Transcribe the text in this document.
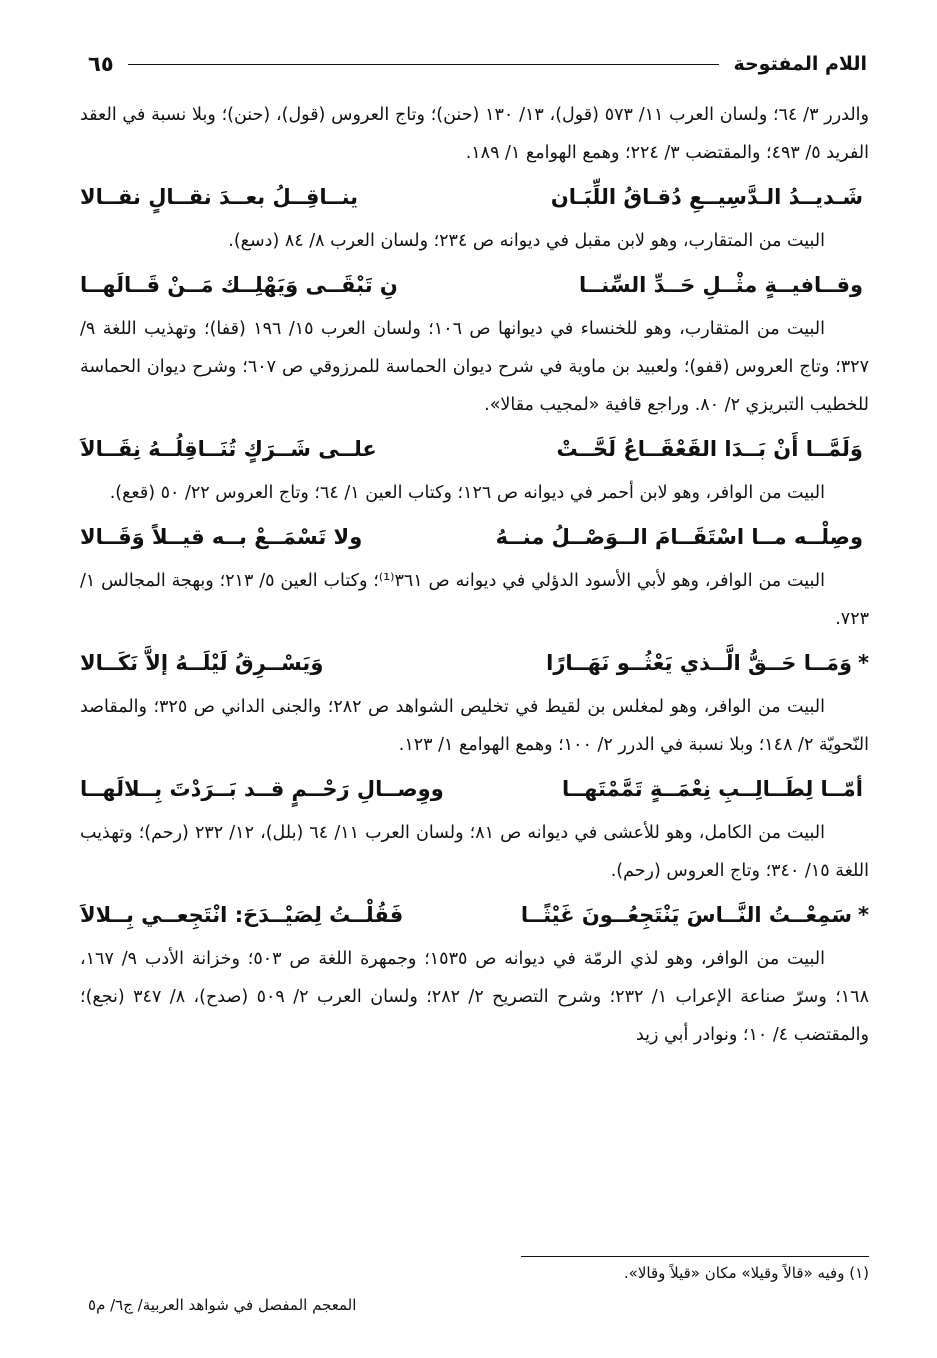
اللام المفتوحة
٦٥

والدرر ٣/ ٦٤؛ ولسان العرب ١١/ ٥٧٣ (قول)، ١٣/ ١٣٠ (حنن)؛ وتاج العروس (قول)، (حنن)؛ وبلا نسبة في العقد الفريد ٥/ ٤٩٣؛ والمقتضب ٣/ ٢٢٤؛ وهمع الهوامع ١/ ١٨٩.

شَـديــدُ الـدَّسِيــعِ دُقـاقُ اللِّبَـان
ينــاقِــلُ بعــدَ نقــالٍ نقــالا

البيت من المتقارب، وهو لابن مقبل في ديوانه ص ٢٣٤؛ ولسان العرب ٨/ ٨٤ (دسع).

وقــافيــةٍ مثْــلِ حَــدِّ السِّنــا
نِ تَبْقَــى وَيَهْلِــك مَــنْ قَــالَهــا

البيت من المتقارب، وهو للخنساء في ديوانها ص ١٠٦؛ ولسان العرب ١٥/ ١٩٦ (قفا)؛ وتهذيب اللغة ٩/ ٣٢٧؛ وتاج العروس (قفو)؛ ولعبيد بن ماوية في شرح ديوان الحماسة للمرزوقي ص ٦٠٧؛ وشرح ديوان الحماسة للخطيب التبريزي ٢/ ٨٠. وراجع قافية «لمجيب مقالا».

وَلَمَّــا أَنْ بَــدَا القَعْقَــاعُ لَحَّــتْ
علــى شَــرَكٍ تُنَــاقِلُــهُ نِقَــالاَ

البيت من الوافر، وهو لابن أحمر في ديوانه ص ١٢٦؛ وكتاب العين ١/ ٦٤؛ وتاج العروس ٢٢/ ٥٠ (قعع).

وصِلْــه مــا اسْتَقَــامَ الــوَصْــلُ منــهُ
ولا تَسْمَــعْ بــه قيــلاً وَقَــالا

البيت من الوافر، وهو لأبي الأسود الدؤلي في ديوانه ص ٣٦١⁽¹⁾؛ وكتاب العين ٥/ ٢١٣؛ وبهجة المجالس ١/ ٧٢٣.

*وَمَــا حَــقُّ الَّــذي يَعْثُــو نَهَــارًا
وَيَسْــرِقُ لَيْلَــهُ إلاَّ نَكَــالا

البيت من الوافر، وهو لمغلس بن لقيط في تخليص الشواهد ص ٢٨٢؛ والجنى الداني ص ٣٢٥؛ والمقاصد النّحويّة ٢/ ١٤٨؛ وبلا نسبة في الدرر ٢/ ١٠٠؛ وهمع الهوامع ١/ ١٢٣.

أمّــا لِطَــالِــبِ نِعْمَــةٍ تَمَّمْتَهــا
ووِصــالِ رَحْــمٍ قــد بَــرَدْتَ بِــلالَهــا

البيت من الكامل، وهو للأعشى في ديوانه ص ٨١؛ ولسان العرب ١١/ ٦٤ (بلل)، ١٢/ ٢٣٢ (رحم)؛ وتهذيب اللغة ١٥/ ٣٤٠؛ وتاج العروس (رحم).

*سَمِعْــتُ النَّــاسَ يَنْتَجِعُــونَ غَيْثًــا
فَقُلْــتُ لِصَيْــدَحَ: انْتَجِعــي بِــلالاَ

البيت من الوافر، وهو لذي الرمّة في ديوانه ص ١٥٣٥؛ وجمهرة اللغة ص ٥٠٣؛ وخزانة الأدب ٩/ ١٦٧، ١٦٨؛ وسرّ صناعة الإعراب ١/ ٢٣٢؛ وشرح التصريح ٢/ ٢٨٢؛ ولسان العرب ٢/ ٥٠٩ (صدح)، ٨/ ٣٤٧ (نجع)؛ والمقتضب ٤/ ١٠؛ ونوادر أبي زيد

(١) وفيه «قالاً وقيلا» مكان «قيلاً وقالا».
المعجم المفصل في شواهد العربية/ ج٦/ م٥
